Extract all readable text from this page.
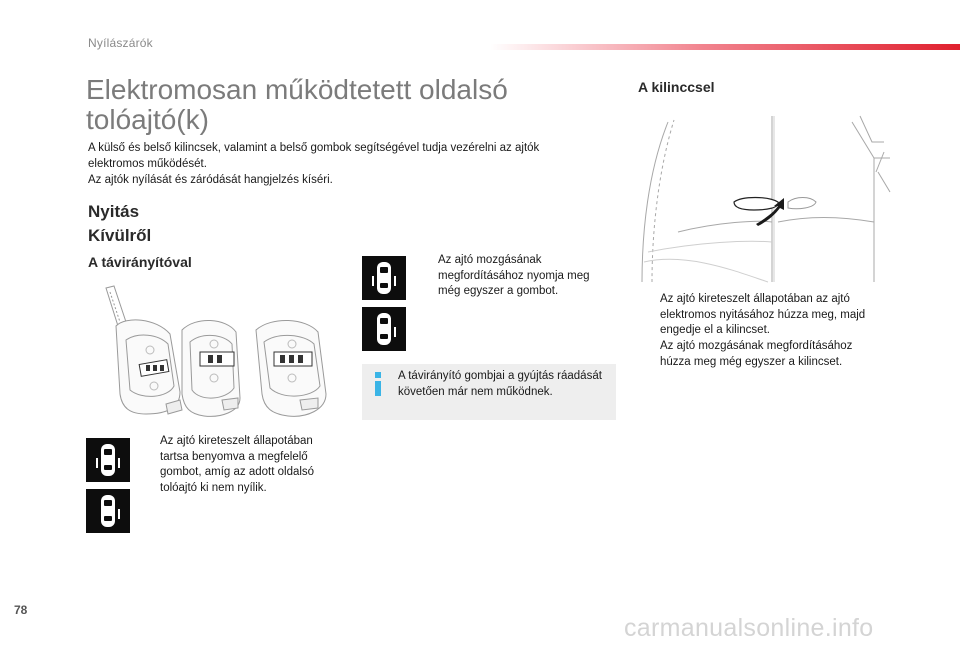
Nyílászárók
Elektromosan működtetett oldalsó
tolóajtó(k)

A külső és belső kilincsek, valamint a belső gombok segítségével tudja vezérelni az ajtók

elektromos működését.

Az ajtók nyílását és záródását hangjelzés kíséri.

Nyitás
Kívülről
A távirányítóval
A kilinccsel
Az ajtó kireteszelt állapotában
tartsa benyomva a megfelelő
gombot, amíg az adott oldalsó
tolóajtó ki nem nyílik.
Az ajtó mozgásának
megfordításához nyomja meg
még egyszer a gombot.
A távirányító gombjai a gyújtás ráadását
követően már nem működnek.
Az ajtó kireteszelt állapotában az ajtó
elektromos nyitásához húzza meg, majd
engedje el a kilincset.
Az ajtó mozgásának megfordításához
húzza meg még egyszer a kilincset.
78
carmanualsonline.info
